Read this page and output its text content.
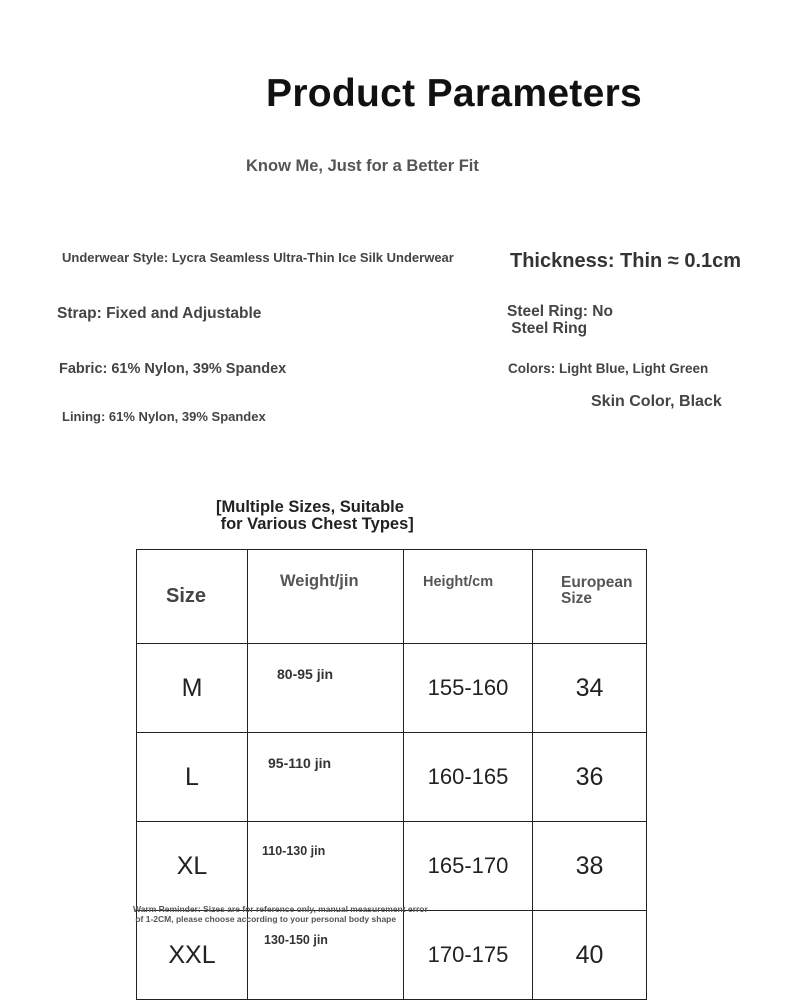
Product Parameters
Know Me, Just for a Better Fit
Underwear Style: Lycra Seamless Ultra-Thin Ice Silk Underwear	Thickness: Thin ≈ 0.1cm
Strap: Fixed and Adjustable	Steel Ring: No
Steel Ring
Fabric: 61% Nylon, 39% Spandex	Colors: Light Blue, Light Green
Skin Color, Black
Lining: 61% Nylon, 39% Spandex
[Multiple Sizes, Suitable
for Various Chest Types]
Size	Weight/jin	Height/cm	European
Size
M	80-95 jin	155-160	34
L	95-110 jin	160-165	36
XL	110-130 jin	165-170	38
XXL	130-150 jin	170-175	40
Warm Reminder: Sizes are for reference only, manual measurement error
of 1-2CM, please choose according to your personal body shape
